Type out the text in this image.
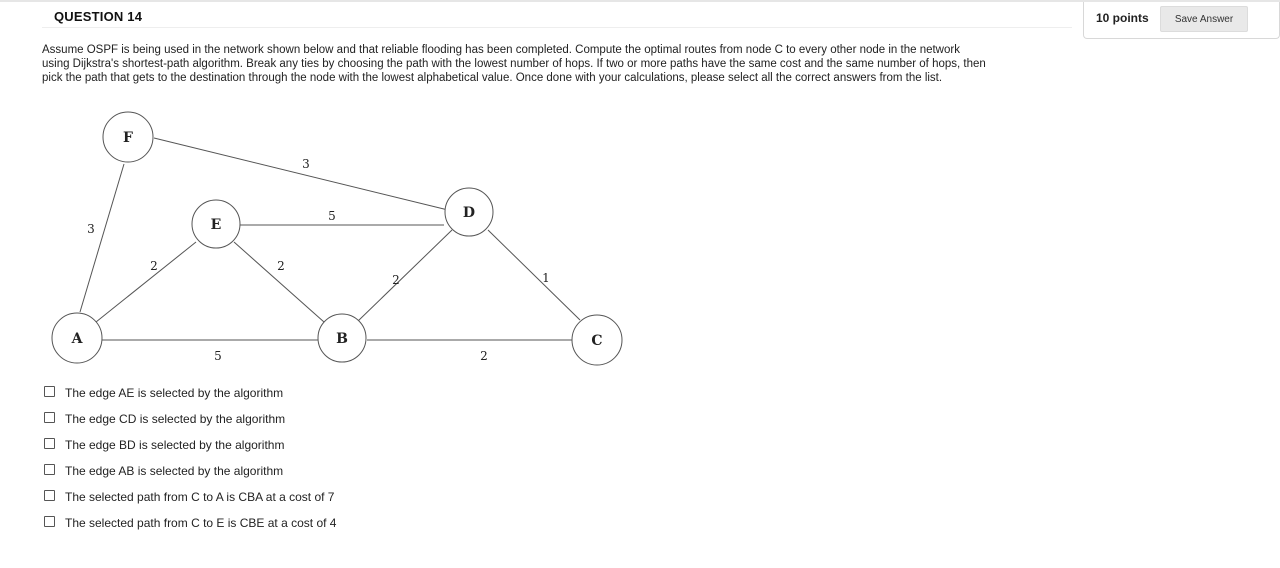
QUESTION 14	10 points	Save Answer

Assume OSPF is being used in the network shown below and that reliable flooding has been completed. Compute the optimal routes from node C to every other node in the network using Dijkstra's shortest-path algorithm. Break any ties by choosing the path with the lowest number of hops. If two or more paths have the same cost and the same number of hops, then pick the path that gets to the destination through the node with the lowest alphabetical value. Once done with your calculations, please select all the correct answers from the list.

3
3
5
2	2
2	1
5	2
F
E
D
A	B	C
The edge AE is selected by the algorithm
The edge CD is selected by the algorithm
The edge BD is selected by the algorithm
The edge AB is selected by the algorithm
The selected path from C to A is CBA at a cost of 7
The selected path from C to E is CBE at a cost of 4
